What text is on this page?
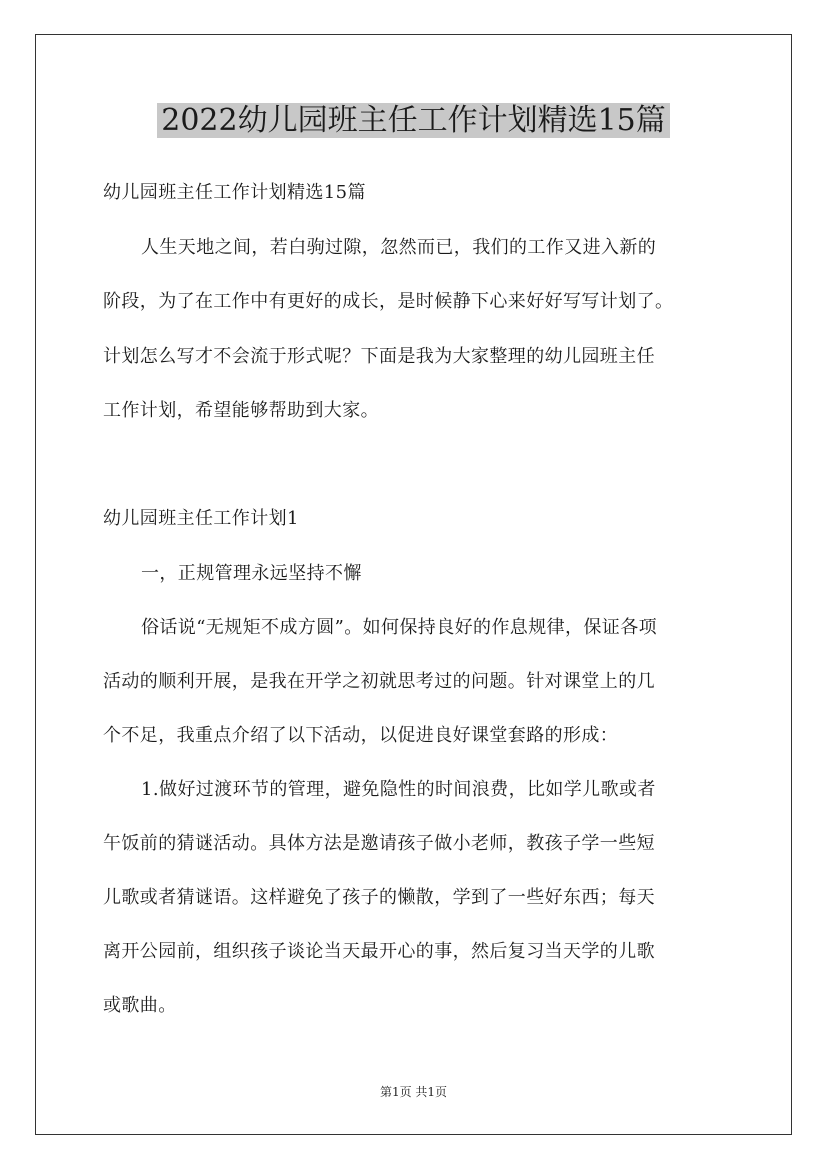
2022幼儿园班主任工作计划精选15篇
幼儿园班主任工作计划精选15篇
人生天地之间，若白驹过隙，忽然而已，我们的工作又进入新的
阶段，为了在工作中有更好的成长，是时候静下心来好好写写计划了。
计划怎么写才不会流于形式呢？下面是我为大家整理的幼儿园班主任
工作计划，希望能够帮助到大家。
幼儿园班主任工作计划1
一，正规管理永远坚持不懈
俗话说“无规矩不成方圆”。如何保持良好的作息规律，保证各项
活动的顺利开展，是我在开学之初就思考过的问题。针对课堂上的几
个不足，我重点介绍了以下活动，以促进良好课堂套路的形成：
1.做好过渡环节的管理，避免隐性的时间浪费，比如学儿歌或者
午饭前的猜谜活动。具体方法是邀请孩子做小老师，教孩子学一些短
儿歌或者猜谜语。这样避免了孩子的懒散，学到了一些好东西；每天
离开公园前，组织孩子谈论当天最开心的事，然后复习当天学的儿歌
或歌曲。
第1页 共1页
